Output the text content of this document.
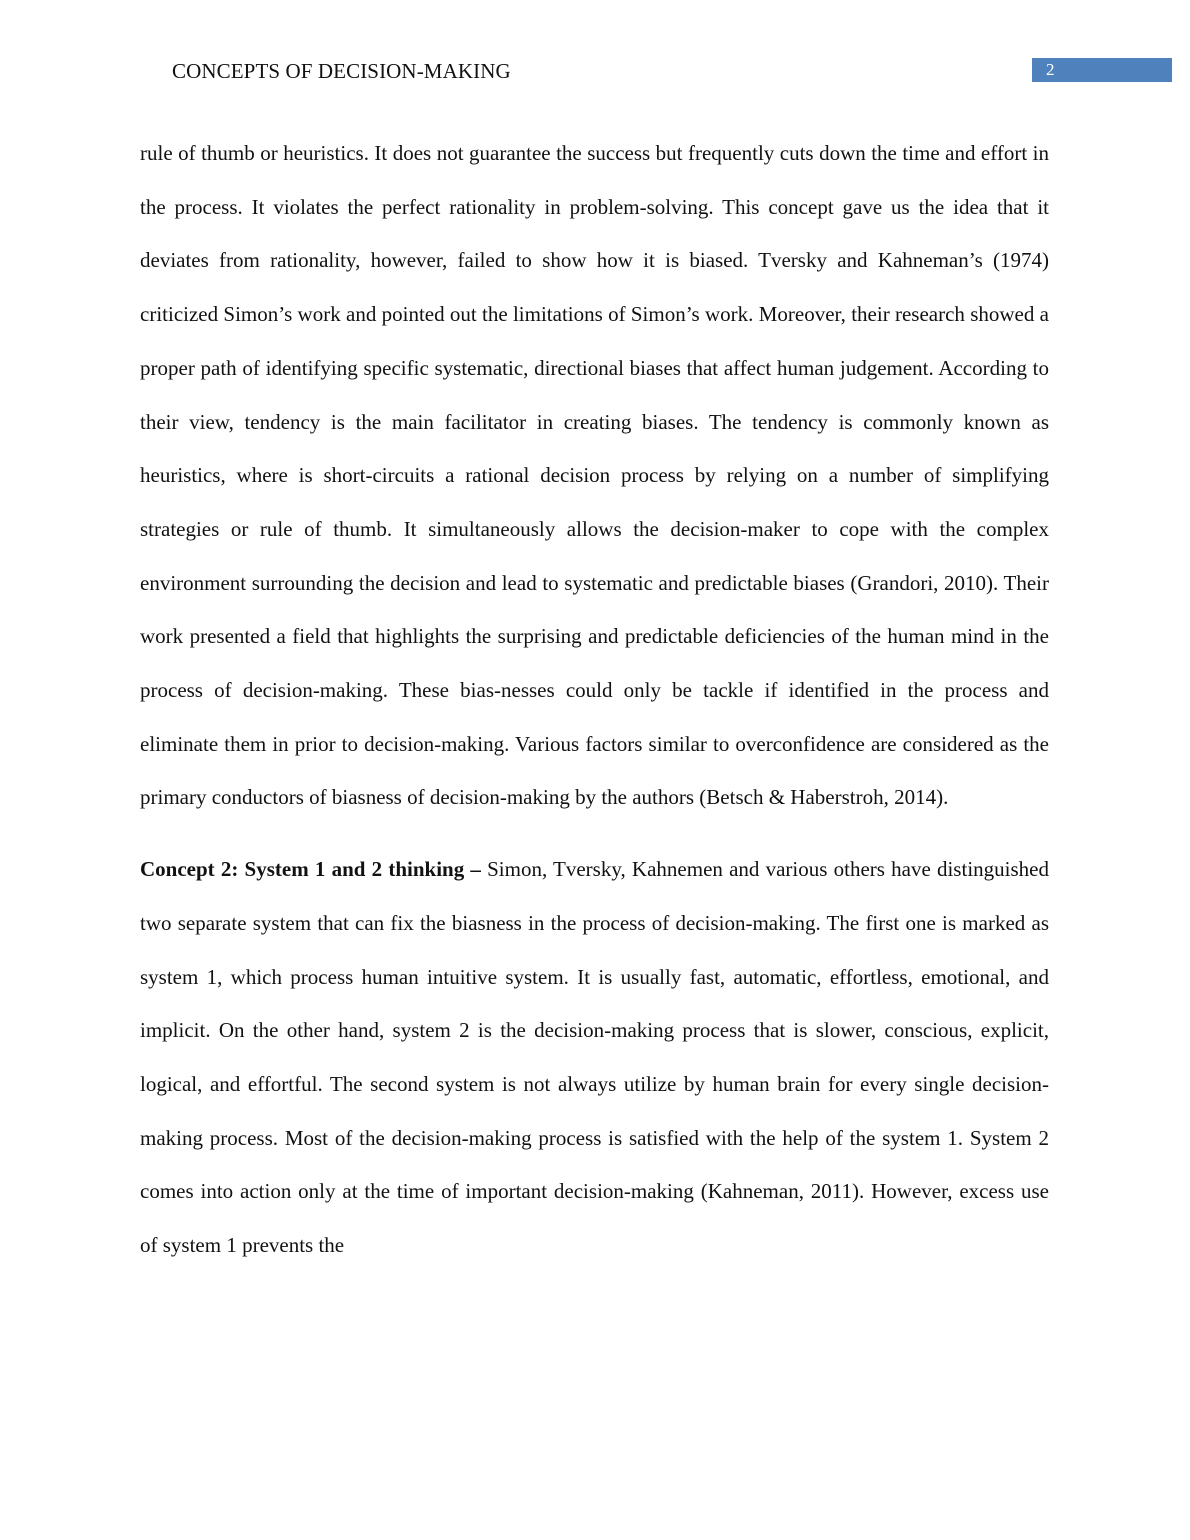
CONCEPTS OF DECISION-MAKING	2

rule of thumb or heuristics. It does not guarantee the success but frequently cuts down the time and effort in the process. It violates the perfect rationality in problem-solving. This concept gave us the idea that it deviates from rationality, however, failed to show how it is biased. Tversky and Kahneman’s (1974) criticized Simon’s work and pointed out the limitations of Simon’s work. Moreover, their research showed a proper path of identifying specific systematic, directional biases that affect human judgement. According to their view, tendency is the main facilitator in creating biases. The tendency is commonly known as heuristics, where is short-circuits a rational decision process by relying on a number of simplifying strategies or rule of thumb. It simultaneously allows the decision-maker to cope with the complex environment surrounding the decision and lead to systematic and predictable biases (Grandori, 2010). Their work presented a field that highlights the surprising and predictable deficiencies of the human mind in the process of decision-making. These bias-nesses could only be tackle if identified in the process and eliminate them in prior to decision-making. Various factors similar to overconfidence are considered as the primary conductors of biasness of decision-making by the authors (Betsch & Haberstroh, 2014).

Concept 2: System 1 and 2 thinking – Simon, Tversky, Kahnemen and various others have distinguished two separate system that can fix the biasness in the process of decision-making. The first one is marked as system 1, which process human intuitive system. It is usually fast, automatic, effortless, emotional, and implicit. On the other hand, system 2 is the decision-making process that is slower, conscious, explicit, logical, and effortful. The second system is not always utilize by human brain for every single decision-making process. Most of the decision-making process is satisfied with the help of the system 1. System 2 comes into action only at the time of important decision-making (Kahneman, 2011). However, excess use of system 1 prevents the
